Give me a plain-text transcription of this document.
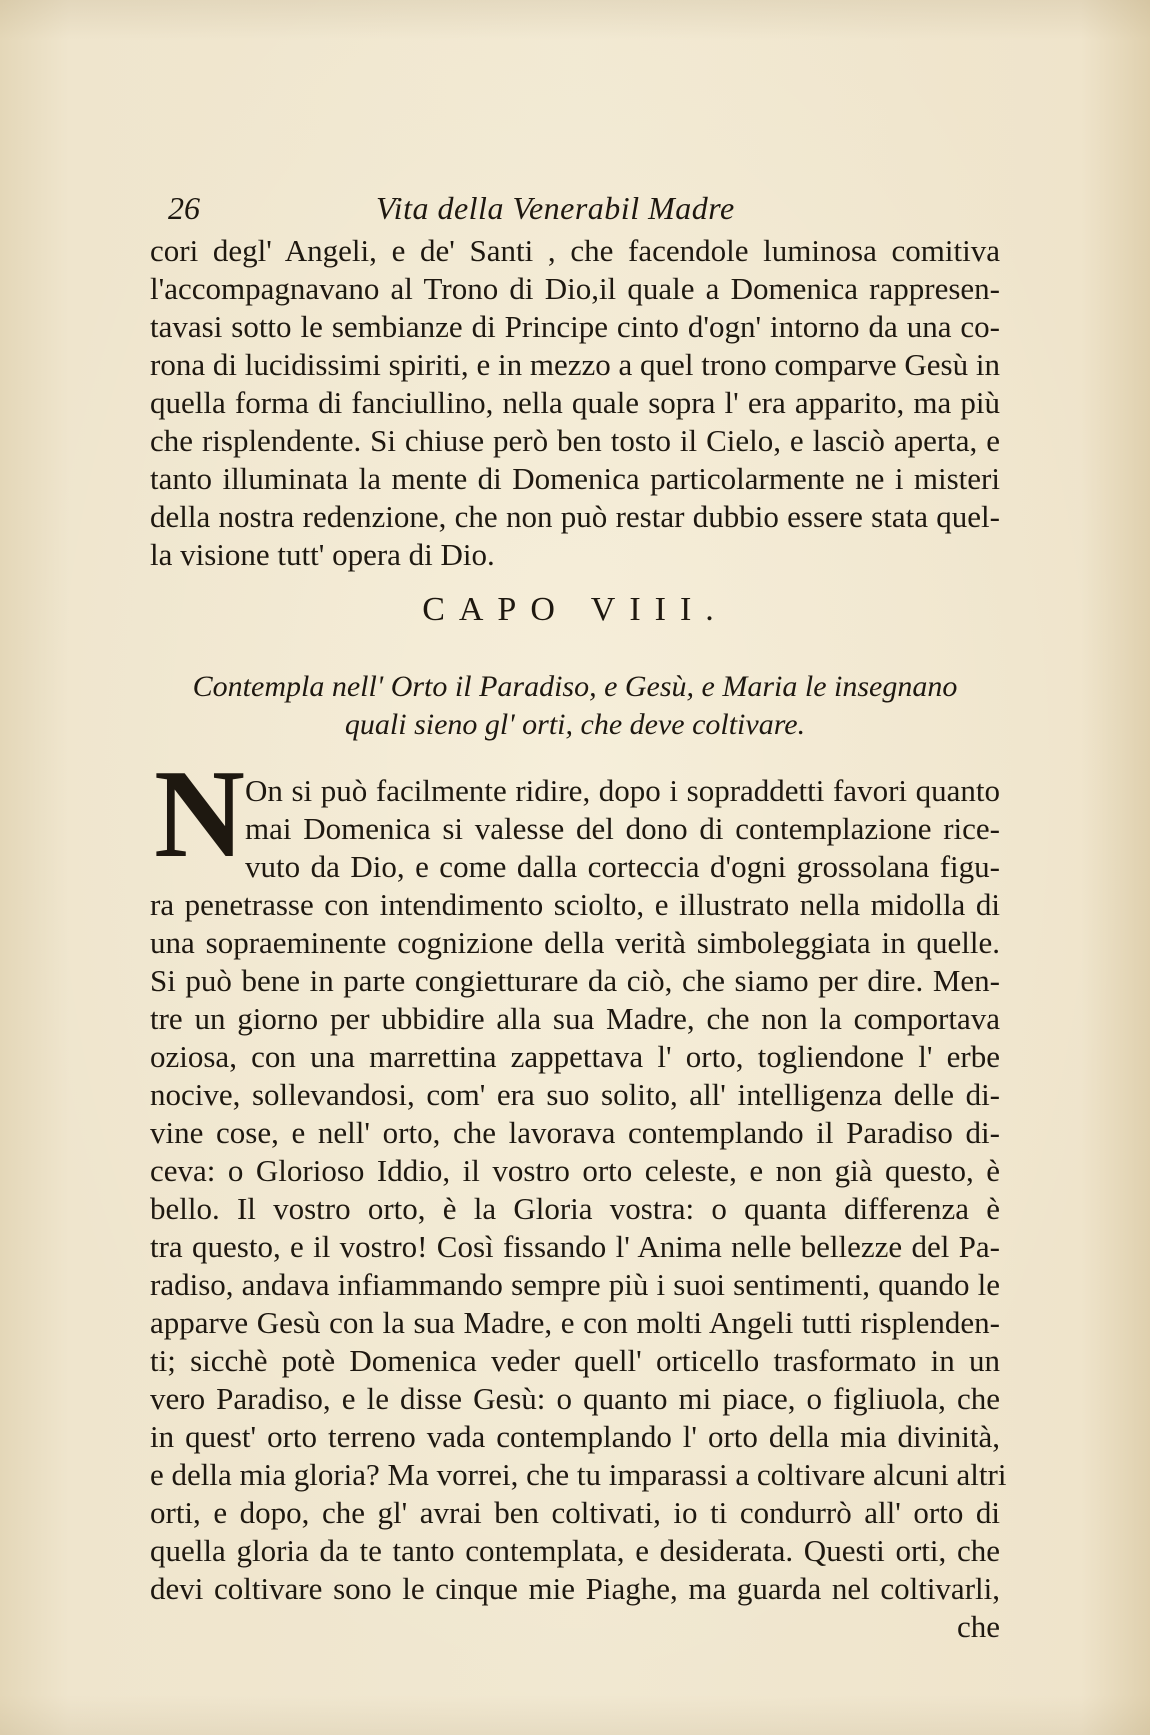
26	Vita della Venerabil Madre
cori degl' Angeli, e de' Santi , che facendole luminosa comitiva
l'accompagnavano al Trono di Dio,il quale a Domenica rappresen-
tavasi sotto le sembianze di Principe cinto d'ogn' intorno da una co-
rona di lucidissimi spiriti, e in mezzo a quel trono comparve Gesù in
quella forma di fanciullino, nella quale sopra l' era apparito, ma più
che risplendente. Si chiuse però ben tosto il Cielo, e lasciò aperta, e
tanto illuminata la mente di Domenica particolarmente ne i misteri
della nostra redenzione, che non può restar dubbio essere stata quel-
la visione tutt' opera di Dio.
CAPO VIII.
Contempla nell' Orto il Paradiso, e Gesù, e Maria le insegnano
quali sieno gl' orti, che deve coltivare.
N On si può facilmente ridire, dopo i sopraddetti favori quanto
mai Domenica si valesse del dono di contemplazione rice-
vuto da Dio, e come dalla corteccia d'ogni grossolana figu-
ra penetrasse con intendimento sciolto, e illustrato nella midolla di
una sopraeminente cognizione della verità simboleggiata in quelle.
Si può bene in parte congietturare da ciò, che siamo per dire. Men-
tre un giorno per ubbidire alla sua Madre, che non la comportava
oziosa, con una marrettina zappettava l' orto, togliendone l' erbe
nocive, sollevandosi, com' era suo solito, all' intelligenza delle di-
vine cose, e nell' orto, che lavorava contemplando il Paradiso di-
ceva: o Glorioso Iddio, il vostro orto celeste, e non già questo, è
bello. Il vostro orto, è la Gloria vostra: o quanta differenza è
tra questo, e il vostro! Così fissando l' Anima nelle bellezze del Pa-
radiso, andava infiammando sempre più i suoi sentimenti, quando le
apparve Gesù con la sua Madre, e con molti Angeli tutti risplenden-
ti; sicchè potè Domenica veder quell' orticello trasformato in un
vero Paradiso, e le disse Gesù: o quanto mi piace, o figliuola, che
in quest' orto terreno vada contemplando l' orto della mia divinità,
e della mia gloria? Ma vorrei, che tu imparassi a coltivare alcuni altri
orti, e dopo, che gl' avrai ben coltivati, io ti condurrò all' orto di
quella gloria da te tanto contemplata, e desiderata. Questi orti, che
devi coltivare sono le cinque mie Piaghe, ma guarda nel coltivarli,
che
